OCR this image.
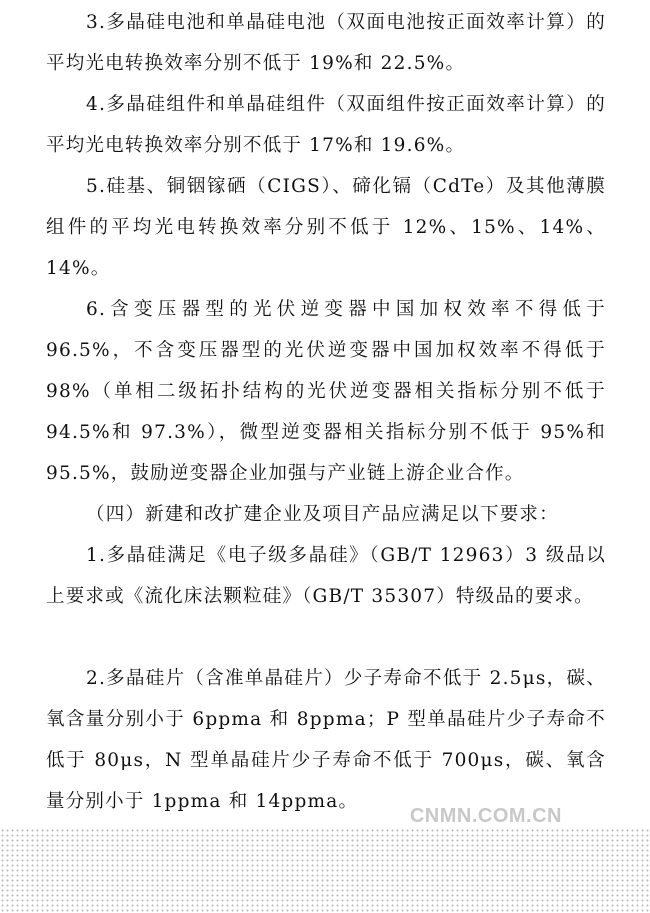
3.多晶硅电池和单晶硅电池（双面电池按正面效率计算）的平均光电转换效率分别不低于 19%和 22.5%。

4.多晶硅组件和单晶硅组件（双面组件按正面效率计算）的平均光电转换效率分别不低于 17%和 19.6%。

5.硅基、铜铟镓硒（CIGS）、碲化镉（CdTe）及其他薄膜组件的平均光电转换效率分别不低于 12%、15%、14%、14%。

6.含变压器型的光伏逆变器中国加权效率不得低于 96.5%，不含变压器型的光伏逆变器中国加权效率不得低于 98%（单相二级拓扑结构的光伏逆变器相关指标分别不低于 94.5%和 97.3%），微型逆变器相关指标分别不低于 95%和 95.5%，鼓励逆变器企业加强与产业链上游企业合作。

（四）新建和改扩建企业及项目产品应满足以下要求：

1.多晶硅满足《电子级多晶硅》（GB/T 12963）3 级品以上要求或《流化床法颗粒硅》（GB/T 35307）特级品的要求。

2.多晶硅片（含准单晶硅片）少子寿命不低于 2.5μs，碳、氧含量分别小于 6ppma 和 8ppma；P 型单晶硅片少子寿命不低于 80μs，N 型单晶硅片少子寿命不低于 700μs，碳、氧含量分别小于 1ppma 和 14ppma。

CNMN.COM.CN
